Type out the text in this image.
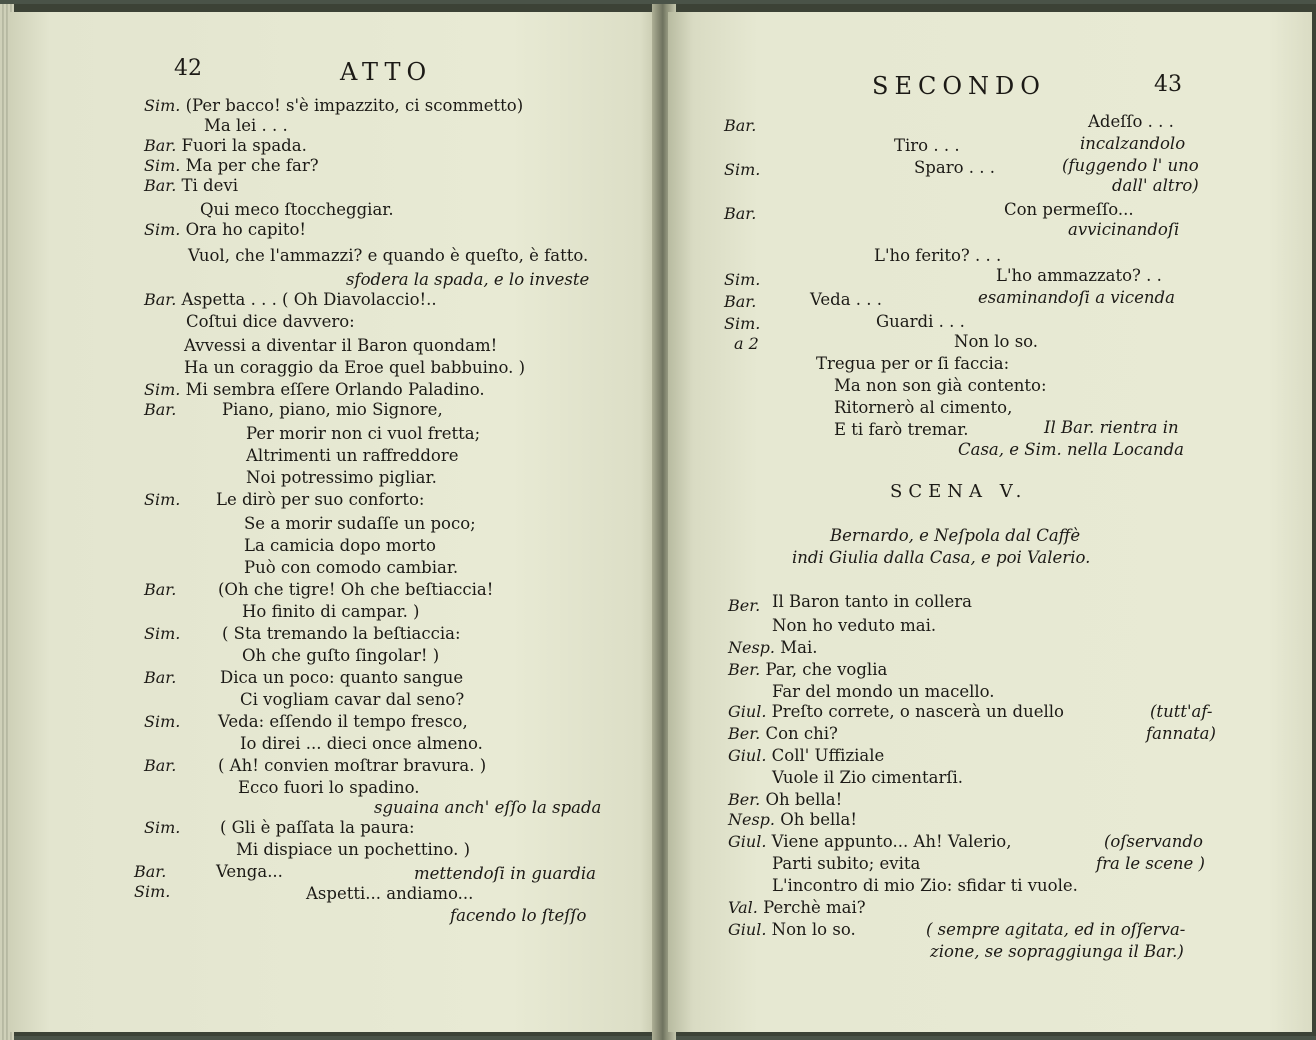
42	ATTO
Sim. (Per bacco! s'è impazzito, ci scommetto)
Ma lei . . .
Bar. Fuori la spada.
Sim. Ma per che far?
Bar. Ti devi
Qui meco ſtoccheggiar.
Sim. Ora ho capito!
Vuol, che l'ammazzi? e quando è queſto, è fatto.
sfodera la spada, e lo investe
Bar. Aspetta . . . ( Oh Diavolaccio!..
Coſtui dice davvero:
Avvessi a diventar il Baron quondam!
Ha un coraggio da Eroe quel babbuino. )
Sim. Mi sembra eſſere Orlando Paladino.
Bar.	Piano, piano, mio Signore,
Per morir non ci vuol fretta;
Altrimenti un raffreddore
Noi potressimo pigliar.
Sim. Le dirò per suo conforto:
Se a morir sudaſſe un poco;
La camicia dopo morto
Può con comodo cambiar.
Bar.	(Oh che tigre! Oh che beſtiaccia!
Ho finito di campar. )
Sim.	( Sta tremando la beſtiaccia:
Oh che guſto ſingolar! )
Bar.	Dica un poco: quanto sangue
Ci vogliam cavar dal seno?
Sim. Veda: eſſendo il tempo fresco,
Io direi ... dieci once almeno.
Bar.	( Ah! convien moſtrar bravura. )
Ecco fuori lo spadino.
sguaina anch' eſſo la spada
Sim. ( Gli è paſſata la paura:
Mi dispiace un pochettino. )
Bar.	Venga...	mettendoſi in guardia
Sim.	Aspetti... andiamo...
facendo lo ſteſſo
SECONDO	43
Bar.	Adeſſo . . .
Tiro . . .	incalzandolo
Sim.	Sparo . . .	(fuggendo l' uno
dall' altro)
Bar.	Con permeſſo...
avvicinandoſi
L'ho ferito? . . .
Sim.	L'ho ammazzato? . .
Bar.	Veda . . .	esaminandoſi a vicenda
Sim.	Guardi . . .
a 2	Non lo so.
Tregua per or ſi faccia:
Ma non son già contento:
Ritornerò al cimento,
E ti farò tremar.	Il Bar. rientra in
Casa, e Sim. nella Locanda
SCENA V.
Bernardo, e Neſpola dal Caffè
indi Giulia dalla Casa, e poi Valerio.
Ber. Il Baron tanto in collera
Non ho veduto mai.
Nesp. Mai.
Ber. Par, che voglia
Far del mondo un macello.
Giul. Preſto correte, o nascerà un duello	(tutt'af-
Ber. Con chi?	fannata)
Giul. Coll' Uffiziale
Vuole il Zio cimentarſi.
Ber. Oh bella!
Nesp. Oh bella!
Giul. Viene appunto... Ah! Valerio,	(oſservando
Parti subito; evita	fra le scene )
L'incontro di mio Zio: sfidar ti vuole.
Val. Perchè mai?
Giul. Non lo so.	( sempre agitata, ed in oſſerva-
zione, se sopraggiunga il Bar.)
